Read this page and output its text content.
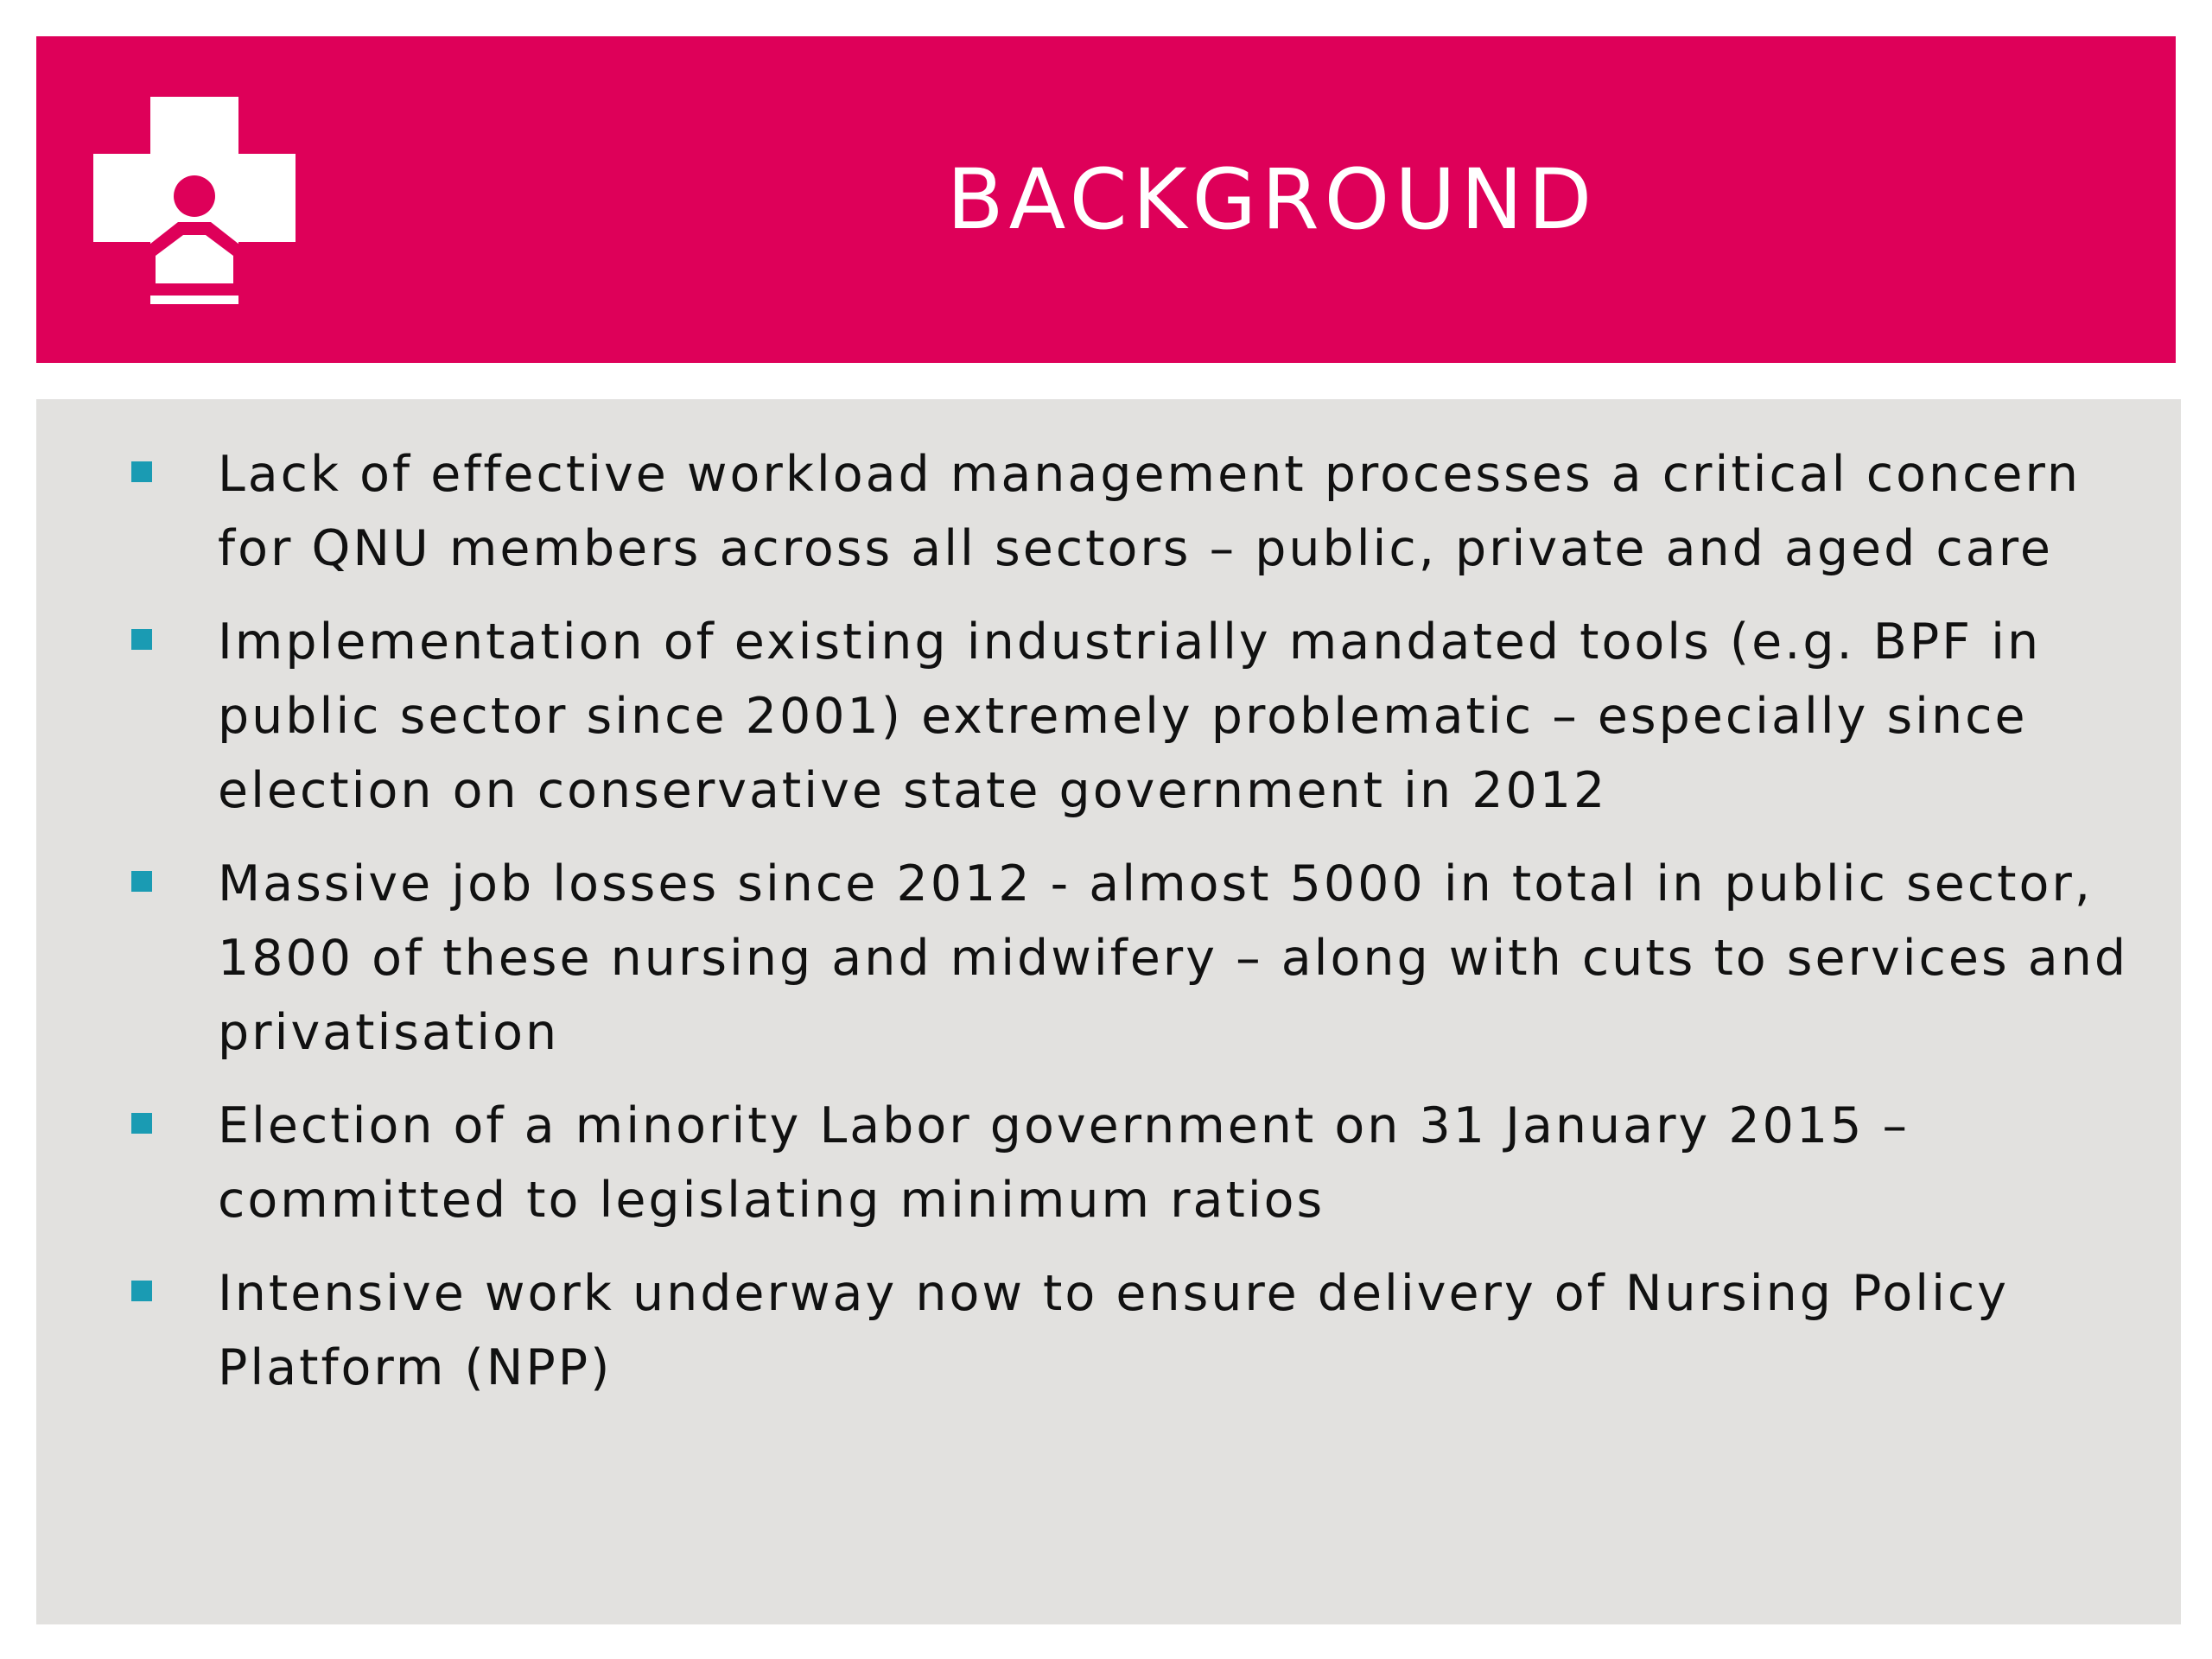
BACKGROUND
Lack of effective workload management processes a critical concern for QNU members across all sectors – public, private and aged care
Implementation of existing industrially mandated tools (e.g. BPF in public sector since 2001) extremely problematic – especially since election on conservative state government in 2012
Massive job losses since 2012 - almost 5000 in total in public sector, 1800 of these nursing and midwifery – along with cuts to services and privatisation
Election of a minority Labor government on 31 January 2015 – committed to legislating minimum ratios
Intensive work underway now to ensure delivery of Nursing Policy Platform (NPP)
